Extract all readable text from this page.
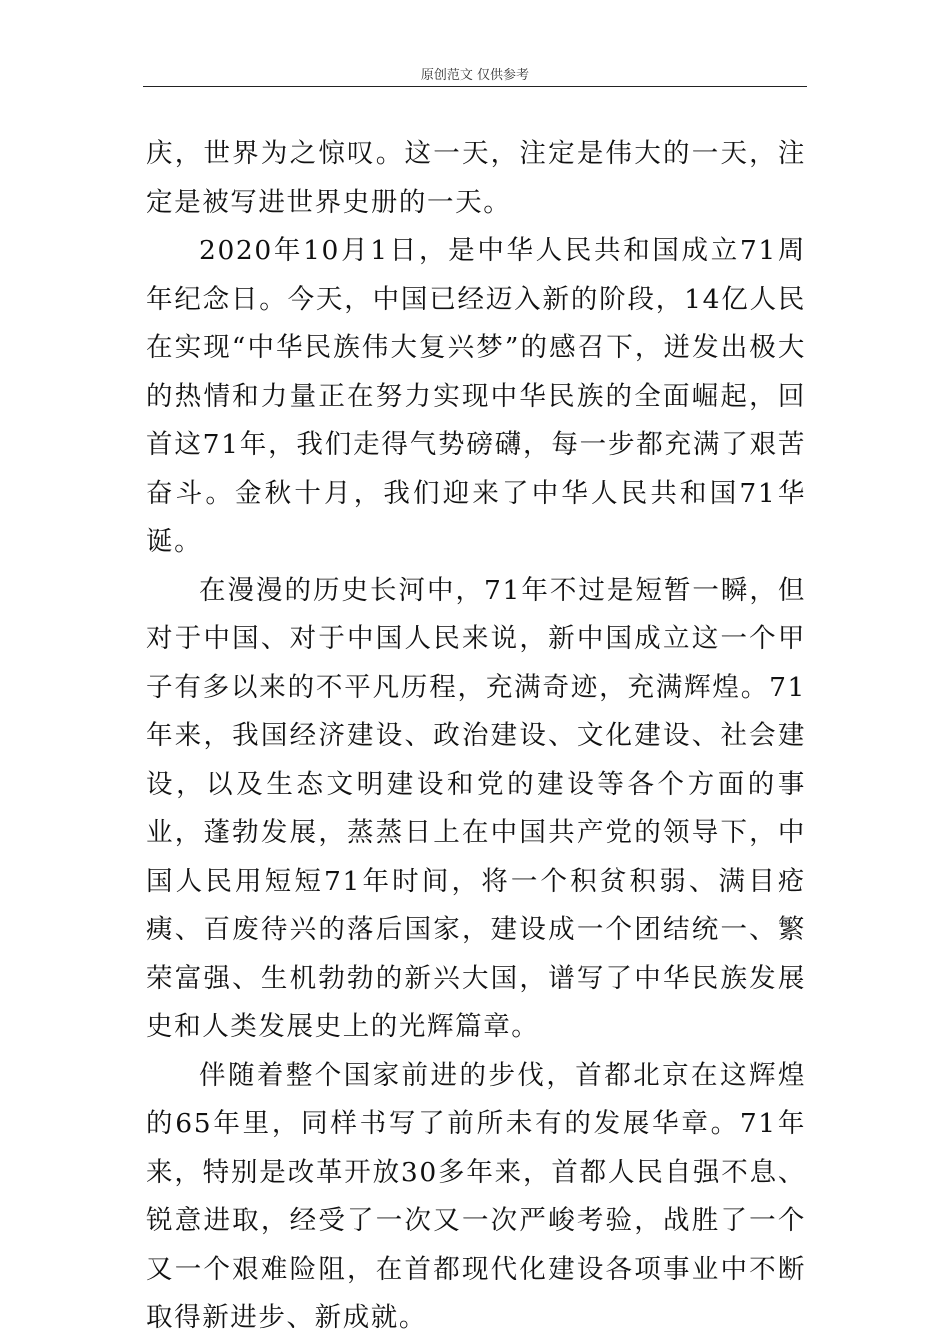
原创范文 仅供参考

庆，世界为之惊叹。这一天，注定是伟大的一天，注定是被写进世界史册的一天。

2020年10月1日，是中华人民共和国成立71周年纪念日。今天，中国已经迈入新的阶段，14亿人民在实现“中华民族伟大复兴梦”的感召下，迸发出极大的热情和力量正在努力实现中华民族的全面崛起，回首这71年，我们走得气势磅礴，每一步都充满了艰苦奋斗。金秋十月，我们迎来了中华人民共和国71华诞。

在漫漫的历史长河中，71年不过是短暂一瞬，但对于中国、对于中国人民来说，新中国成立这一个甲子有多以来的不平凡历程，充满奇迹，充满辉煌。71年来，我国经济建设、政治建设、文化建设、社会建设，以及生态文明建设和党的建设等各个方面的事业，蓬勃发展，蒸蒸日上在中国共产党的领导下，中国人民用短短71年时间，将一个积贫积弱、满目疮痍、百废待兴的落后国家，建设成一个团结统一、繁荣富强、生机勃勃的新兴大国，谱写了中华民族发展史和人类发展史上的光辉篇章。

伴随着整个国家前进的步伐，首都北京在这辉煌的65年里，同样书写了前所未有的发展华章。71年来，特别是改革开放30多年来，首都人民自强不息、锐意进取，经受了一次又一次严峻考验，战胜了一个又一个艰难险阻，在首都现代化建设各项事业中不断取得新进步、新成就。
